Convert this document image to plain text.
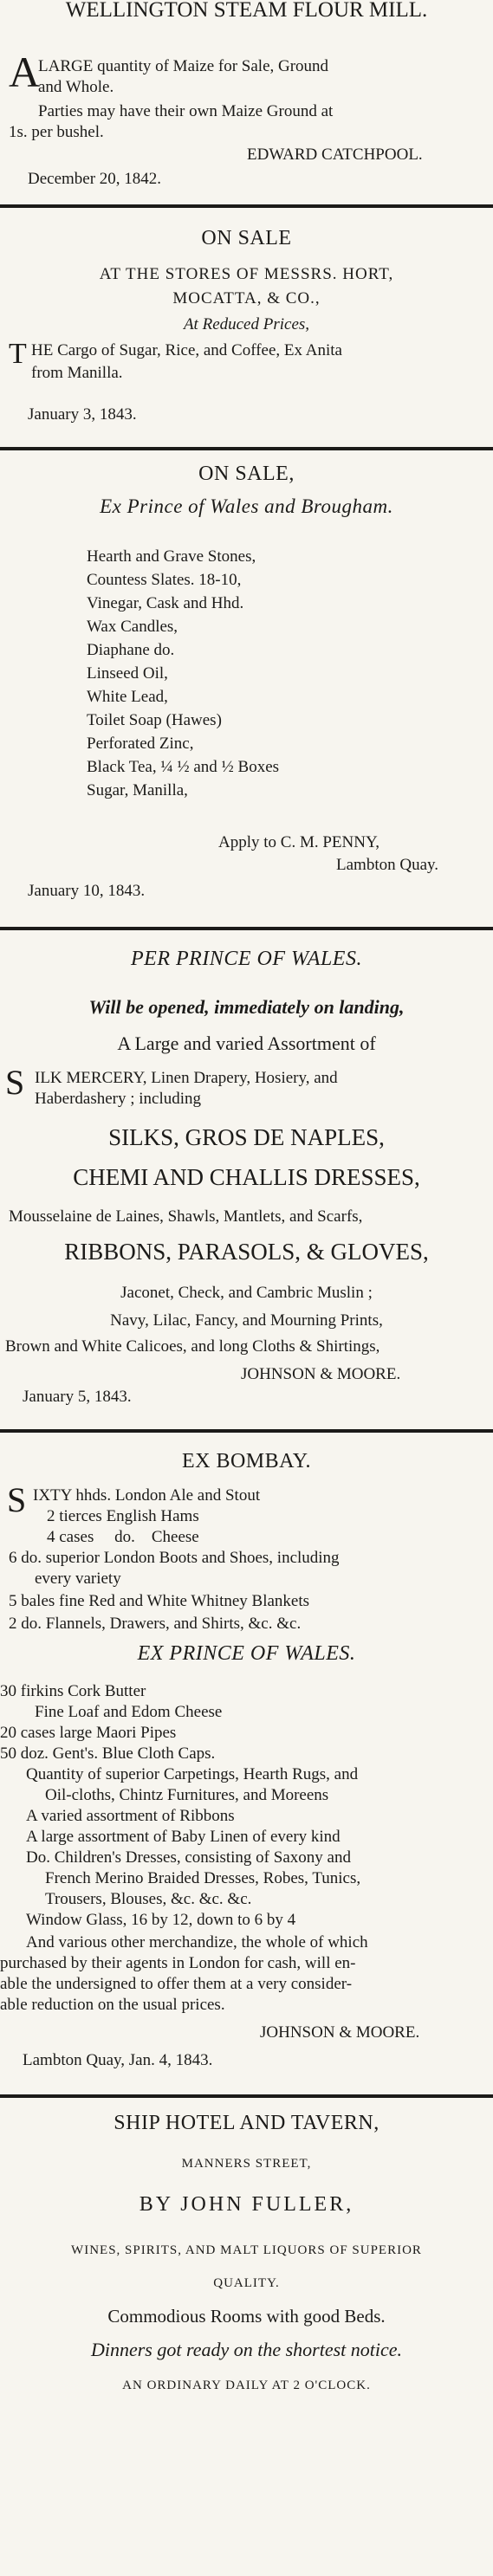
WELLINGTON STEAM FLOUR MILL.
A
LARGE quantity of Maize for Sale, Ground
and Whole.
Parties may have their own Maize Ground at
1s. per bushel.
EDWARD CATCHPOOL.
December 20, 1842.
ON SALE
AT THE STORES OF MESSRS. HORT,
MOCATTA, & CO.,
At Reduced Prices,
T HE Cargo of Sugar, Rice, and Coffee, Ex Anita
from Manilla.
January 3, 1843.
ON SALE,
Ex Prince of Wales and Brougham.
Hearth and Grave Stones,
Countess Slates. 18-10,
Vinegar, Cask and Hhd.
Wax Candles,
Diaphane do.
Linseed Oil,
White Lead,
Toilet Soap (Hawes)
Perforated Zinc,
Black Tea, ¼ ½ and ½ Boxes
Sugar, Manilla,
Apply to C. M. PENNY,
Lambton Quay.
January 10, 1843.
PER PRINCE OF WALES.
Will be opened, immediately on landing,
A Large and varied Assortment of
S ILK MERCERY, Linen Drapery, Hosiery, and
Haberdashery ; including
SILKS, GROS DE NAPLES,
CHEMI AND CHALLIS DRESSES,
Mousselaine de Laines, Shawls, Mantlets, and Scarfs,
RIBBONS, PARASOLS, & GLOVES,
Jaconet, Check, and Cambric Muslin ;
Navy, Lilac, Fancy, and Mourning Prints,
Brown and White Calicoes, and long Cloths & Shirtings,
JOHNSON & MOORE.
January 5, 1843.
EX BOMBAY.
S IXTY hhds. London Ale and Stout
2 tierces English Hams
4 cases     do.    Cheese
6 do. superior London Boots and Shoes, including
every variety
5 bales fine Red and White Whitney Blankets
2 do. Flannels, Drawers, and Shirts, &c. &c.
EX PRINCE OF WALES.
30 firkins Cork Butter
Fine Loaf and Edom Cheese
20 cases large Maori Pipes
50 doz. Gent's. Blue Cloth Caps.
Quantity of superior Carpetings, Hearth Rugs, and
Oil-cloths, Chintz Furnitures, and Moreens
A varied assortment of Ribbons
A large assortment of Baby Linen of every kind
Do. Children's Dresses, consisting of Saxony and
French Merino Braided Dresses, Robes, Tunics,
Trousers, Blouses, &c. &c. &c.
Window Glass, 16 by 12, down to 6 by 4
And various other merchandize, the whole of which
purchased by their agents in London for cash, will en-
able the undersigned to offer them at a very consider-
able reduction on the usual prices.
JOHNSON & MOORE.
Lambton Quay, Jan. 4, 1843.
SHIP HOTEL AND TAVERN,
MANNERS STREET,
BY JOHN FULLER,
WINES, SPIRITS, AND MALT LIQUORS OF SUPERIOR
QUALITY.
Commodious Rooms with good Beds.
Dinners got ready on the shortest notice.
AN ORDINARY DAILY AT 2 O'CLOCK.
